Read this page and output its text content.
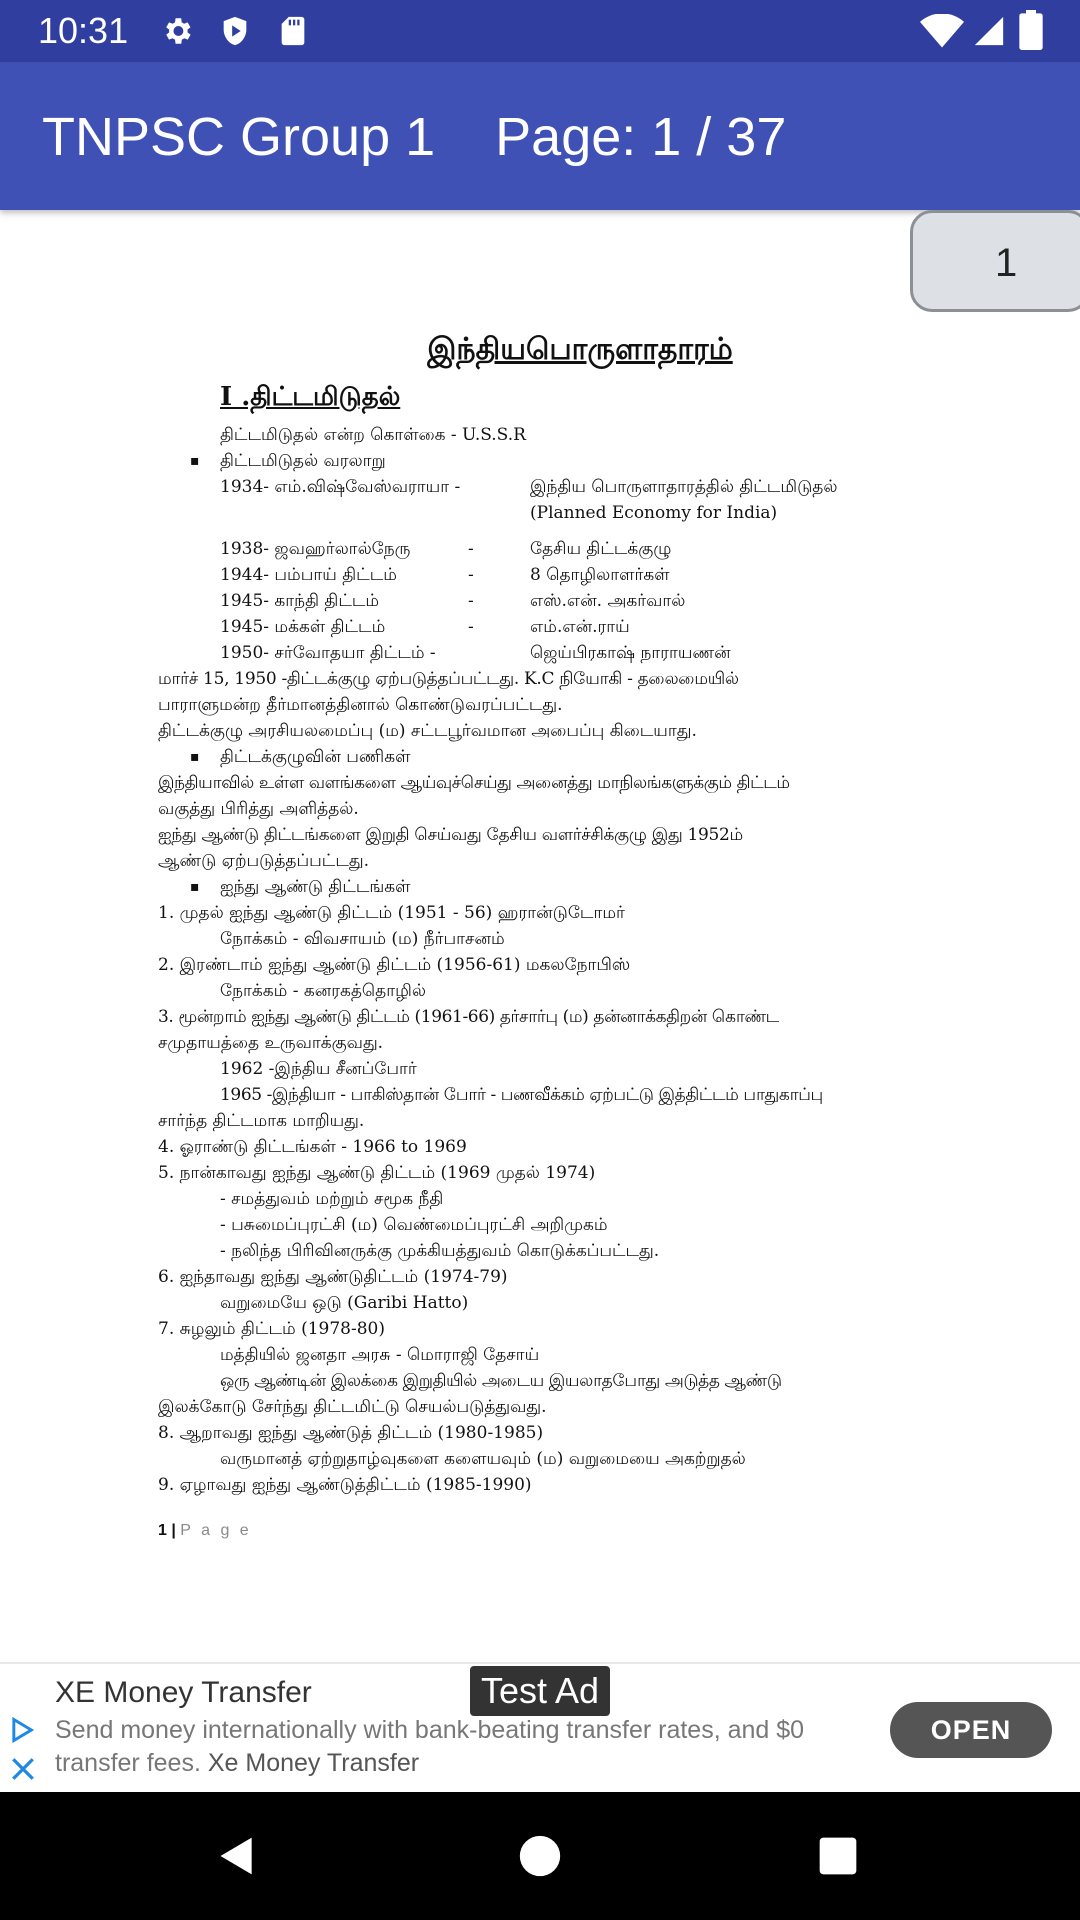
10:31
TNPSC Group 1    Page: 1 / 37
இந்தியபொருளாதாரம்
I .திட்டமிடுதல்
திட்டமிடுதல் என்ற கொள்கை - U.S.S.R
▪ திட்டமிடுதல் வரலாறு
1934- எம்.விஷ்வேஸ்வராயா -	இந்திய பொருளாதாரத்தில் திட்டமிடுதல்
(Planned Economy for India)
1938- ஜவஹர்லால்நேரு	-	தேசிய திட்டக்குழு
1944- பம்பாய் திட்டம்	-	8 தொழிலாளர்கள்
1945- காந்தி திட்டம்	-	எஸ்.என். அகர்வால்
1945- மக்கள் திட்டம்	-	எம்.என்.ராய்
1950- சர்வோதயா திட்டம் -	ஜெய்பிரகாஷ் நாராயணன்
மார்ச் 15, 1950 -திட்டக்குழு ஏற்படுத்தப்பட்டது. K.C நியோகி - தலைமையில்
பாராளுமன்ற தீர்மானத்தினால் கொண்டுவரப்பட்டது.
திட்டக்குழு அரசியலமைப்பு (ம) சட்டபூர்வமான அபைப்பு கிடையாது.
▪ திட்டக்குழுவின் பணிகள்
இந்தியாவில் உள்ள வளங்களை ஆய்வுச்செய்து அனைத்து மாநிலங்களுக்கும் திட்டம்
வகுத்து பிரித்து அளித்தல்.
ஐந்து ஆண்டு திட்டங்களை இறுதி செய்வது தேசிய வளர்ச்சிக்குழு இது 1952ம்
ஆண்டு ஏற்படுத்தப்பட்டது.
▪ ஐந்து ஆண்டு திட்டங்கள்
1. முதல் ஐந்து ஆண்டு திட்டம் (1951 - 56) ஹரான்டுடோமர்
நோக்கம் - விவசாயம் (ம) நீர்பாசனம்
2. இரண்டாம் ஐந்து ஆண்டு திட்டம் (1956-61) மகலநோபிஸ்
நோக்கம் - கனரகத்தொழில்
3. மூன்றாம் ஐந்து ஆண்டு திட்டம் (1961-66) தர்சார்பு (ம) தன்னாக்கதிறன் கொண்ட
சமுதாயத்தை உருவாக்குவது.
1962 -இந்திய சீனப்போர்
1965 -இந்தியா - பாகிஸ்தான் போர் - பணவீக்கம் ஏற்பட்டு இத்திட்டம் பாதுகாப்பு
சார்ந்த திட்டமாக மாறியது.
4. ஓராண்டு திட்டங்கள் - 1966 to 1969
5. நான்காவது ஐந்து ஆண்டு திட்டம் (1969 முதல் 1974)
- சமத்துவம் மற்றும் சமூக நீதி
- பசுமைப்புரட்சி (ம) வெண்மைப்புரட்சி அறிமுகம்
- நலிந்த பிரிவினருக்கு முக்கியத்துவம் கொடுக்கப்பட்டது.
6. ஐந்தாவது ஐந்து ஆண்டுதிட்டம் (1974-79)
வறுமையே ஒடு (Garibi Hatto)
7. சுழலும் திட்டம் (1978-80)
மத்தியில் ஜனதா அரசு - மொராஜி தேசாய்
ஒரு ஆண்டின் இலக்கை இறுதியில் அடைய இயலாதபோது அடுத்த ஆண்டு
இலக்கோடு சேர்ந்து திட்டமிட்டு செயல்படுத்துவது.
8. ஆறாவது ஐந்து ஆண்டுத் திட்டம் (1980-1985)
வருமானத் ஏற்றுதாழ்வுகளை களையவும் (ம) வறுமையை அகற்றுதல்
9. ஏழாவது ஐந்து ஆண்டுத்திட்டம் (1985-1990)
1 | P a g e
1
XE Money Transfer	Test Ad
Send money internationally with bank-beating transfer rates, and $0 transfer fees. Xe Money Transfer
OPEN
